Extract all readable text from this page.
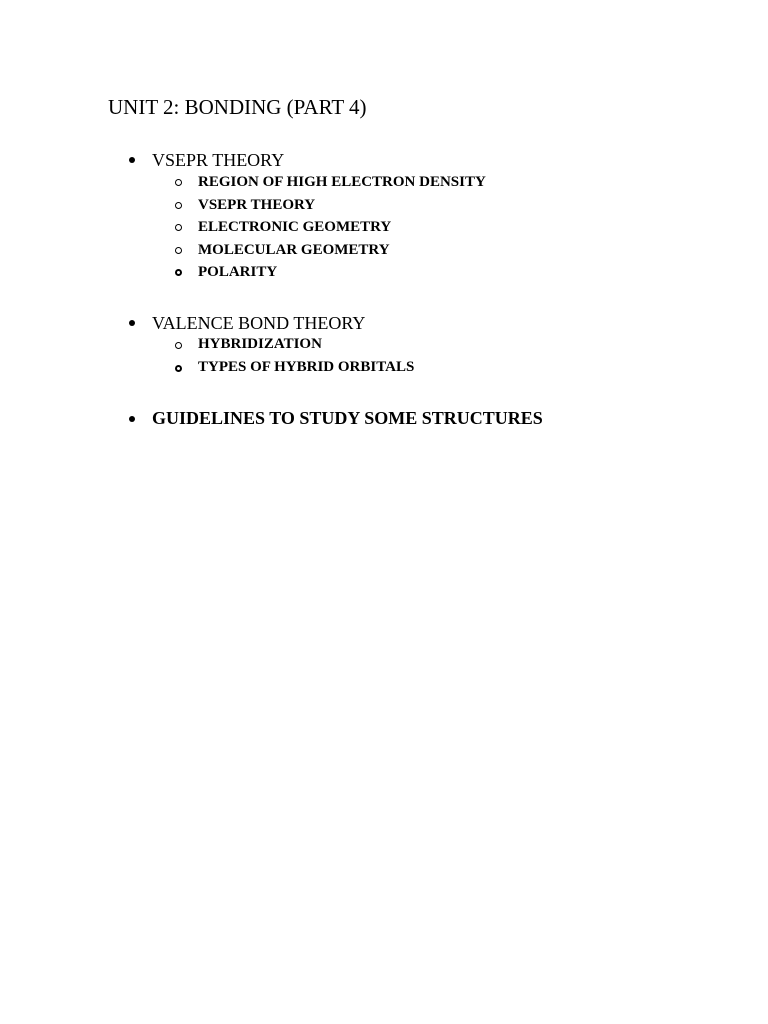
UNIT 2: BONDING (PART 4)
VSEPR THEORY
REGION OF HIGH ELECTRON DENSITY
VSEPR THEORY
ELECTRONIC GEOMETRY
MOLECULAR GEOMETRY
POLARITY
VALENCE BOND THEORY
HYBRIDIZATION
TYPES OF HYBRID ORBITALS
GUIDELINES TO STUDY SOME STRUCTURES
